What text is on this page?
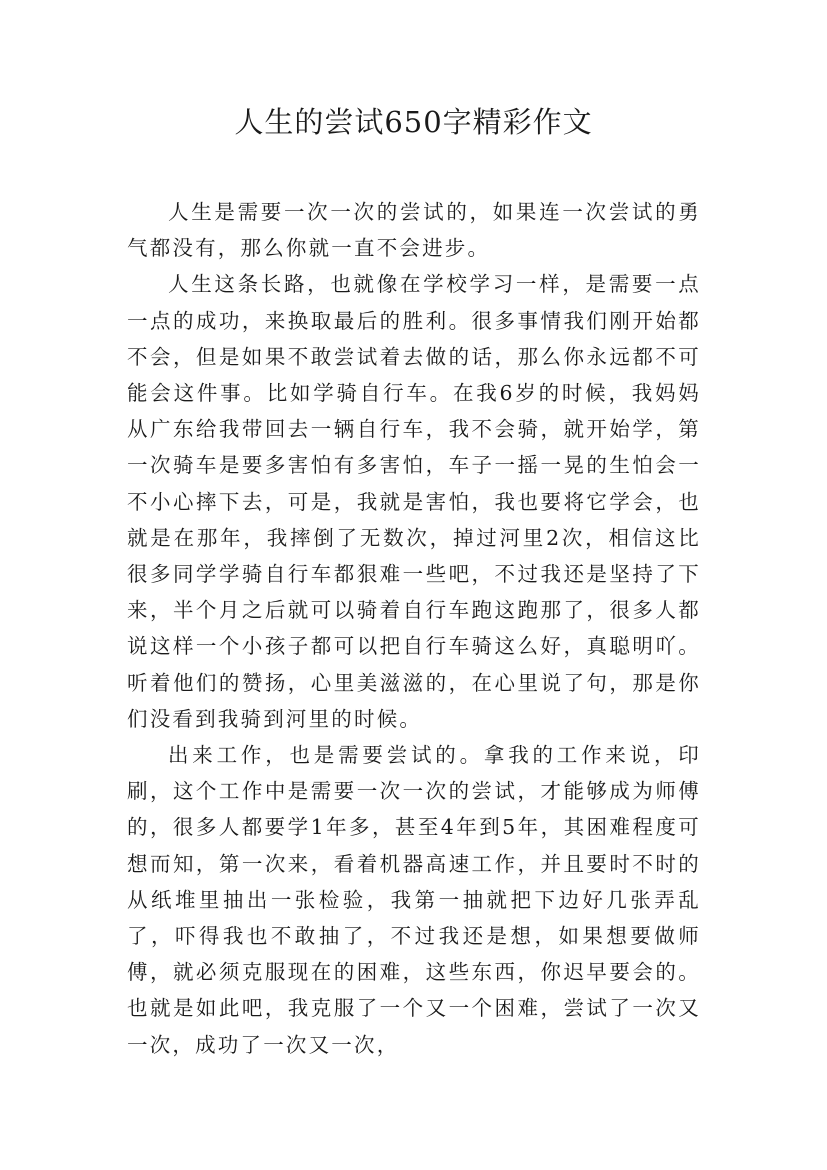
人生的尝试650字精彩作文

人生是需要一次一次的尝试的，如果连一次尝试的勇气都没有，那么你就一直不会进步。

人生这条长路，也就像在学校学习一样，是需要一点一点的成功，来换取最后的胜利。很多事情我们刚开始都不会，但是如果不敢尝试着去做的话，那么你永远都不可能会这件事。比如学骑自行车。在我6岁的时候，我妈妈从广东给我带回去一辆自行车，我不会骑，就开始学，第一次骑车是要多害怕有多害怕，车子一摇一晃的生怕会一不小心摔下去，可是，我就是害怕，我也要将它学会，也就是在那年，我摔倒了无数次，掉过河里2次，相信这比很多同学学骑自行车都狠难一些吧，不过我还是坚持了下来，半个月之后就可以骑着自行车跑这跑那了，很多人都说这样一个小孩子都可以把自行车骑这么好，真聪明吖。听着他们的赞扬，心里美滋滋的，在心里说了句，那是你们没看到我骑到河里的时候。

出来工作，也是需要尝试的。拿我的工作来说，印刷，这个工作中是需要一次一次的尝试，才能够成为师傅的，很多人都要学1年多，甚至4年到5年，其困难程度可想而知，第一次来，看着机器高速工作，并且要时不时的从纸堆里抽出一张检验，我第一抽就把下边好几张弄乱了，吓得我也不敢抽了，不过我还是想，如果想要做师傅，就必须克服现在的困难，这些东西，你迟早要会的。也就是如此吧，我克服了一个又一个困难，尝试了一次又一次，成功了一次又一次，
